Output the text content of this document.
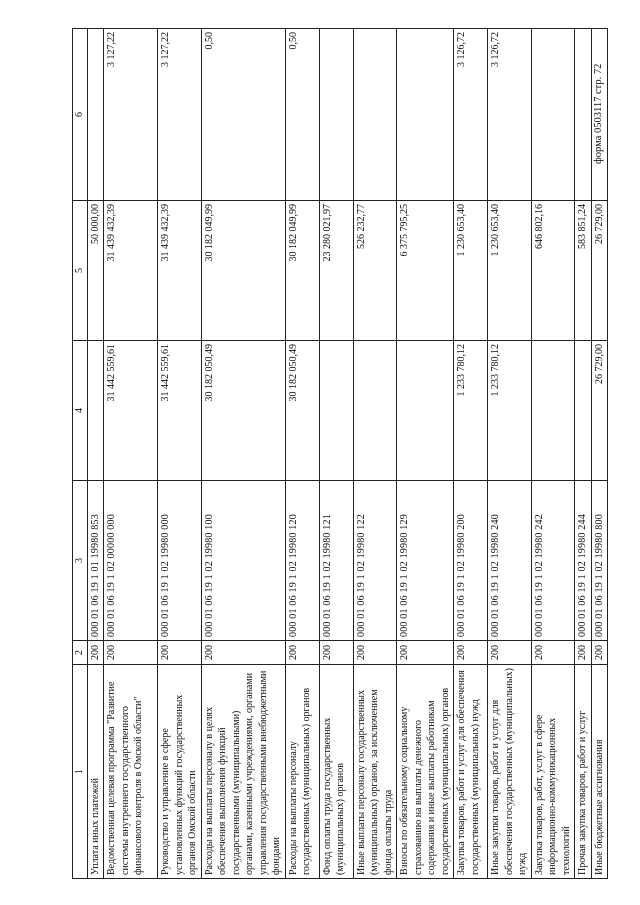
форма 0503117 стр. 72
1	2	3	4	5	6
Уплата иных платежей	200	000 01 06 19 1 01 19980 853		50 000,00	
Ведомственная целевая программа "Развитие системы внутреннего государственного финансового контроля в Омской области"	200	000 01 06 19 1 02 00000 000	31 442 559,61	31 439 432,39	3 127,22
Руководство и управление в сфере установленных функций государственных органов Омской области	200	000 01 06 19 1 02 19980 000	31 442 559,61	31 439 432,39	3 127,22
Расходы на выплаты персоналу в целях обеспечения выполнения функций государственными (муниципальными) органами, казенными учреждениями, органами управления государственными внебюджетными фондами	200	000 01 06 19 1 02 19980 100	30 182 050,49	30 182 049,99	0,50
Расходы на выплаты персоналу государственных (муниципальных) органов	200	000 01 06 19 1 02 19980 120	30 182 050,49	30 182 049,99	0,50
Фонд оплаты труда государственных (муниципальных) органов	200	000 01 06 19 1 02 19980 121		23 280 021,97	
Иные выплаты персоналу государственных (муниципальных) органов, за исключением фонда оплаты труда	200	000 01 06 19 1 02 19980 122		526 232,77	
Взносы по обязательному социальному страхованию на выплаты денежного содержания и иные выплаты работникам государственных (муниципальных) органов	200	000 01 06 19 1 02 19980 129		6 375 795,25	
Закупка товаров, работ и услуг для обеспечения государственных (муниципальных) нужд	200	000 01 06 19 1 02 19980 200	1 233 780,12	1 230 653,40	3 126,72
Иные закупки товаров, работ и услуг для обеспечения государственных (муниципальных) нужд	200	000 01 06 19 1 02 19980 240	1 233 780,12	1 230 653,40	3 126,72
Закупка товаров, работ, услуг в сфере информационно-коммуникационных технологий	200	000 01 06 19 1 02 19980 242		646 802,16	
Прочая закупка товаров, работ и услуг	200	000 01 06 19 1 02 19980 244		583 851,24	
Иные бюджетные ассигнования	200	000 01 06 19 1 02 19980 800	26 729,00	26 729,00	
